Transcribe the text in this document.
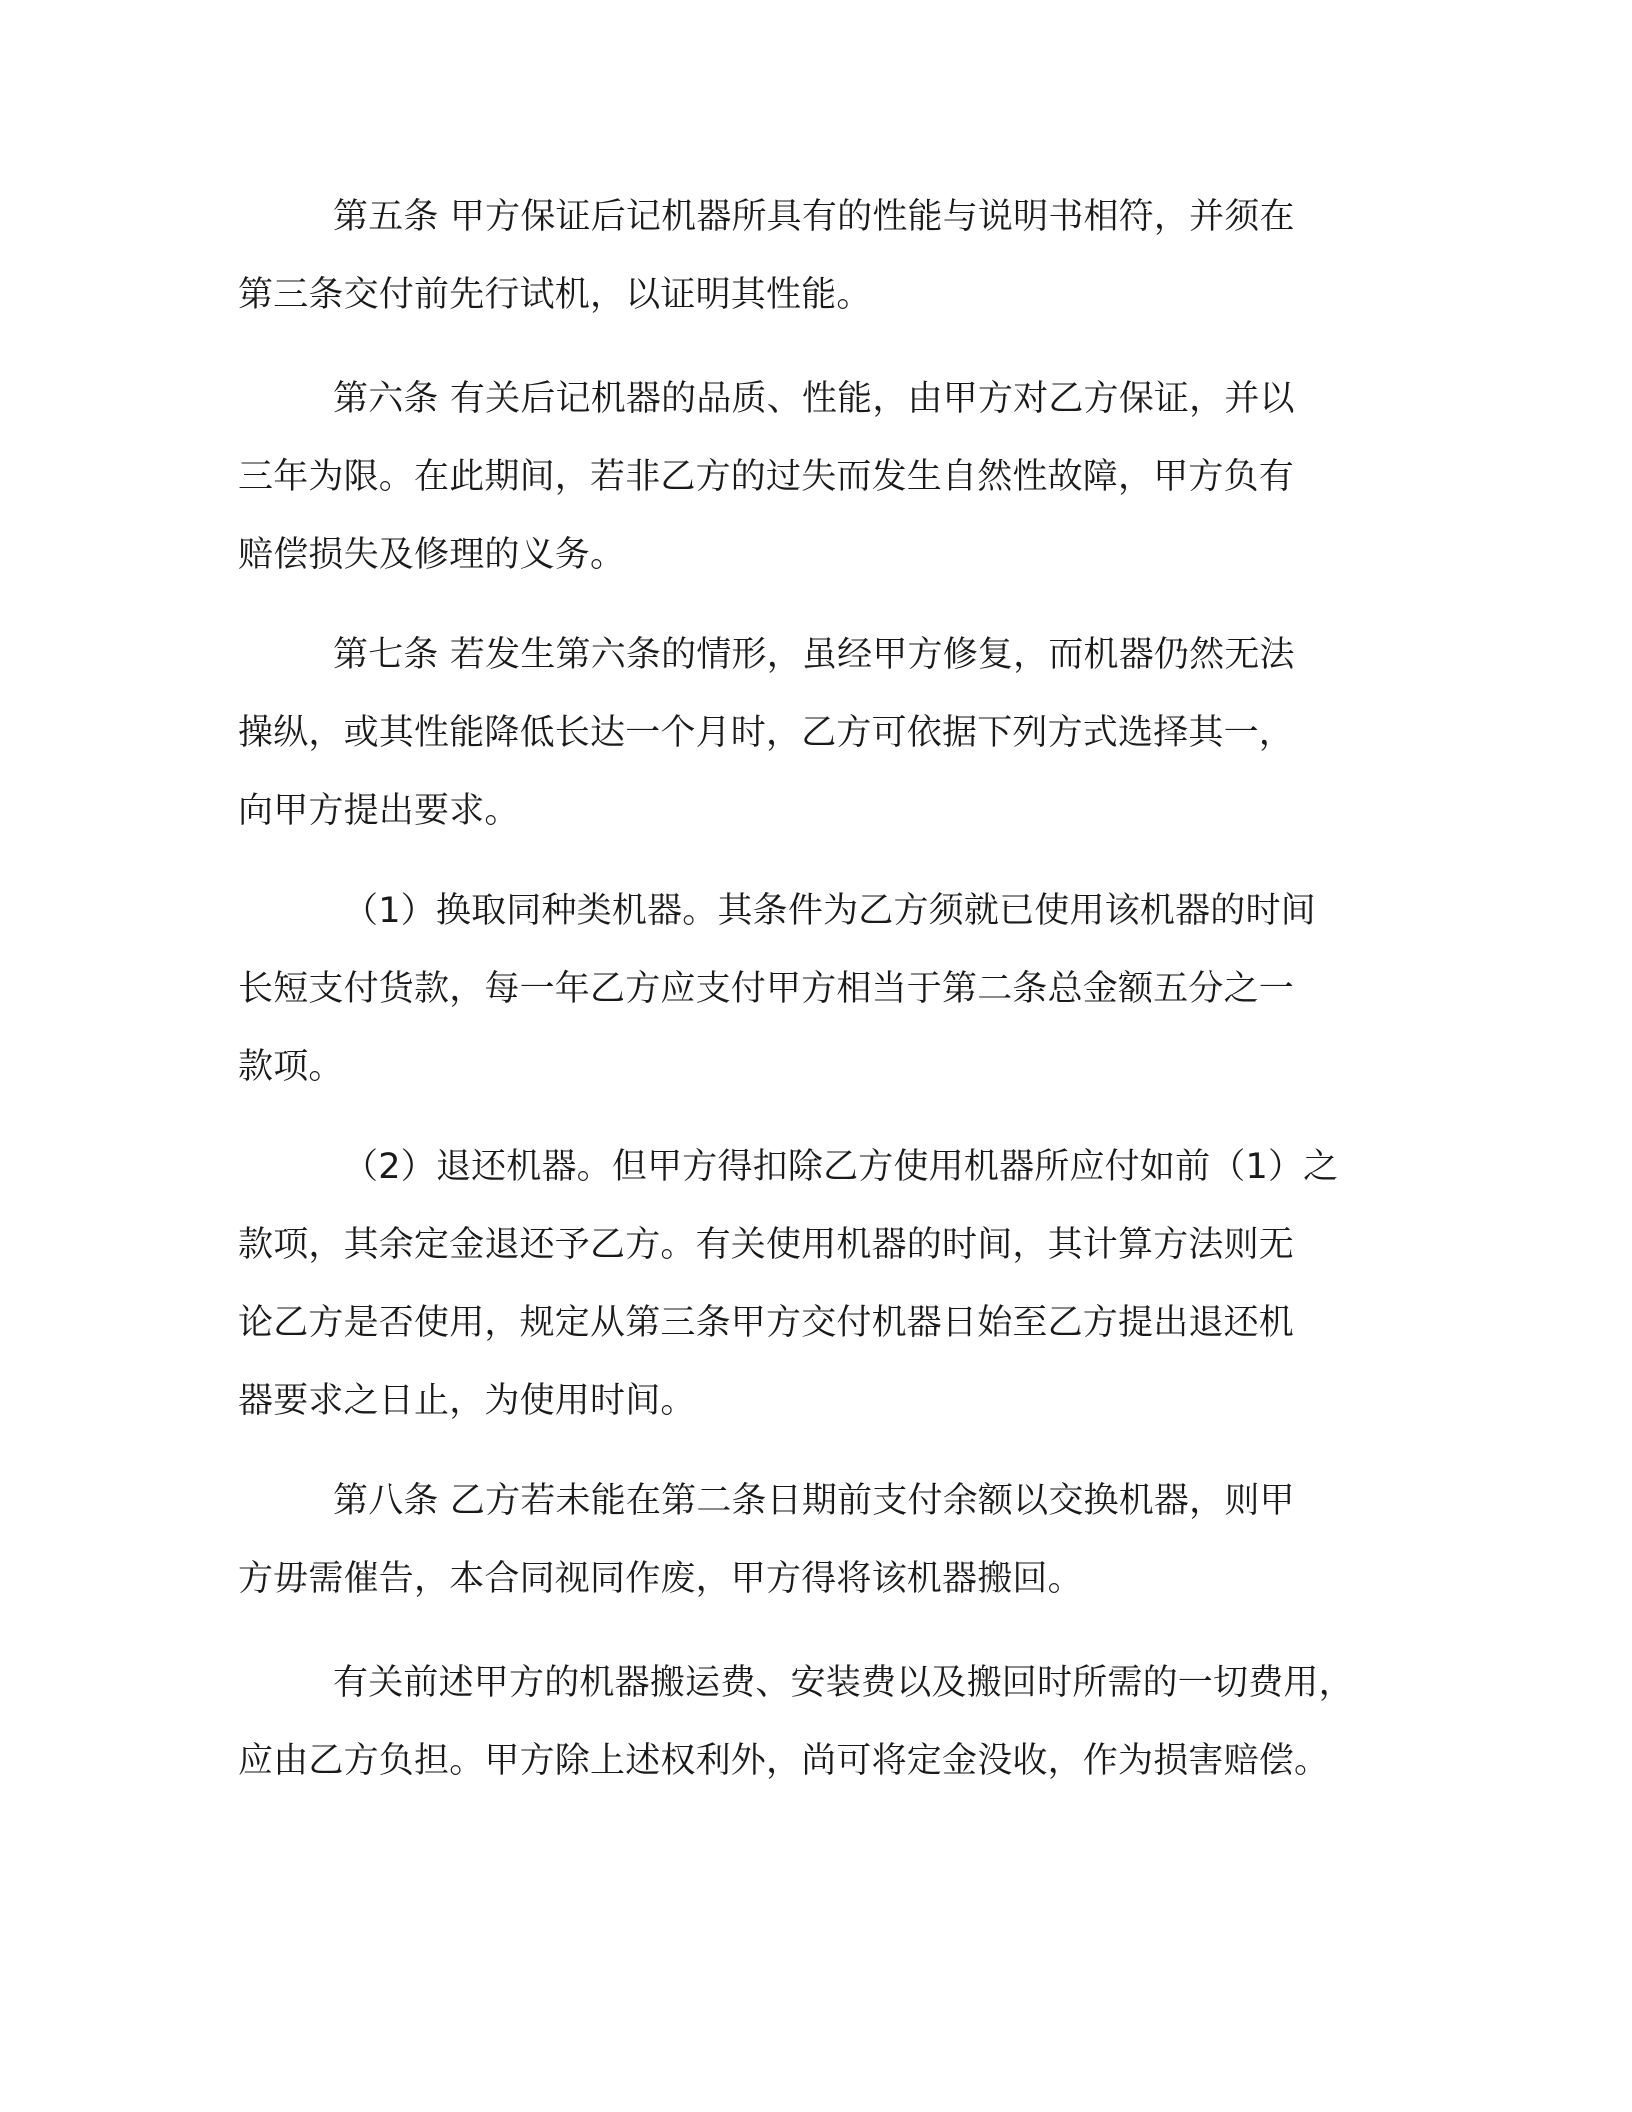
第五条 甲方保证后记机器所具有的性能与说明书相符，并须在
第三条交付前先行试机，以证明其性能。
第六条 有关后记机器的品质、性能，由甲方对乙方保证，并以
三年为限。在此期间，若非乙方的过失而发生自然性故障，甲方负有
赔偿损失及修理的义务。
第七条 若发生第六条的情形，虽经甲方修复，而机器仍然无法
操纵，或其性能降低长达一个月时，乙方可依据下列方式选择其一，
向甲方提出要求。
（1）换取同种类机器。其条件为乙方须就已使用该机器的时间
长短支付货款，每一年乙方应支付甲方相当于第二条总金额五分之一
款项。
（2）退还机器。但甲方得扣除乙方使用机器所应付如前（1）之
款项，其余定金退还予乙方。有关使用机器的时间，其计算方法则无
论乙方是否使用，规定从第三条甲方交付机器日始至乙方提出退还机
器要求之日止，为使用时间。
第八条 乙方若未能在第二条日期前支付余额以交换机器，则甲
方毋需催告，本合同视同作废，甲方得将该机器搬回。
有关前述甲方的机器搬运费、安装费以及搬回时所需的一切费用，
应由乙方负担。甲方除上述权利外，尚可将定金没收，作为损害赔偿。
